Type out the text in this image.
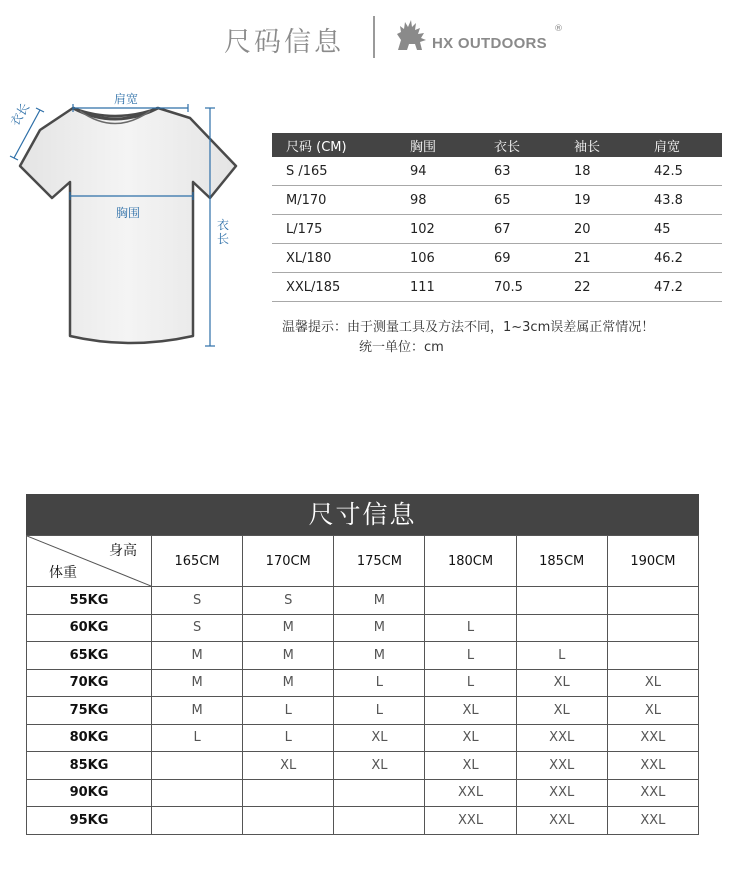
尺码信息	HX OUTDOORS
®
肩宽
衣长
胸围
衣长
尺码 (CM)	胸围	衣长	袖长	肩宽
S /165	94	63	18	42.5
M/170	98	65	19	43.8
L/175	102	67	20	45
XL/180	106	69	21	46.2
XXL/185	111	70.5	22	47.2
温馨提示：由于测量工具及方法不同，1~3cm误差属正常情况！
统一单位：cm
尺寸信息
身高
体重	165CM	170CM	175CM	180CM	185CM	190CM
55KG	S	S	M			
60KG	S	M	M	L		
65KG	M	M	M	L	L	
70KG	M	M	L	L	XL	XL
75KG	M	L	L	XL	XL	XL
80KG	L	L	XL	XL	XXL	XXL
85KG		XL	XL	XL	XXL	XXL
90KG				XXL	XXL	XXL
95KG				XXL	XXL	XXL
